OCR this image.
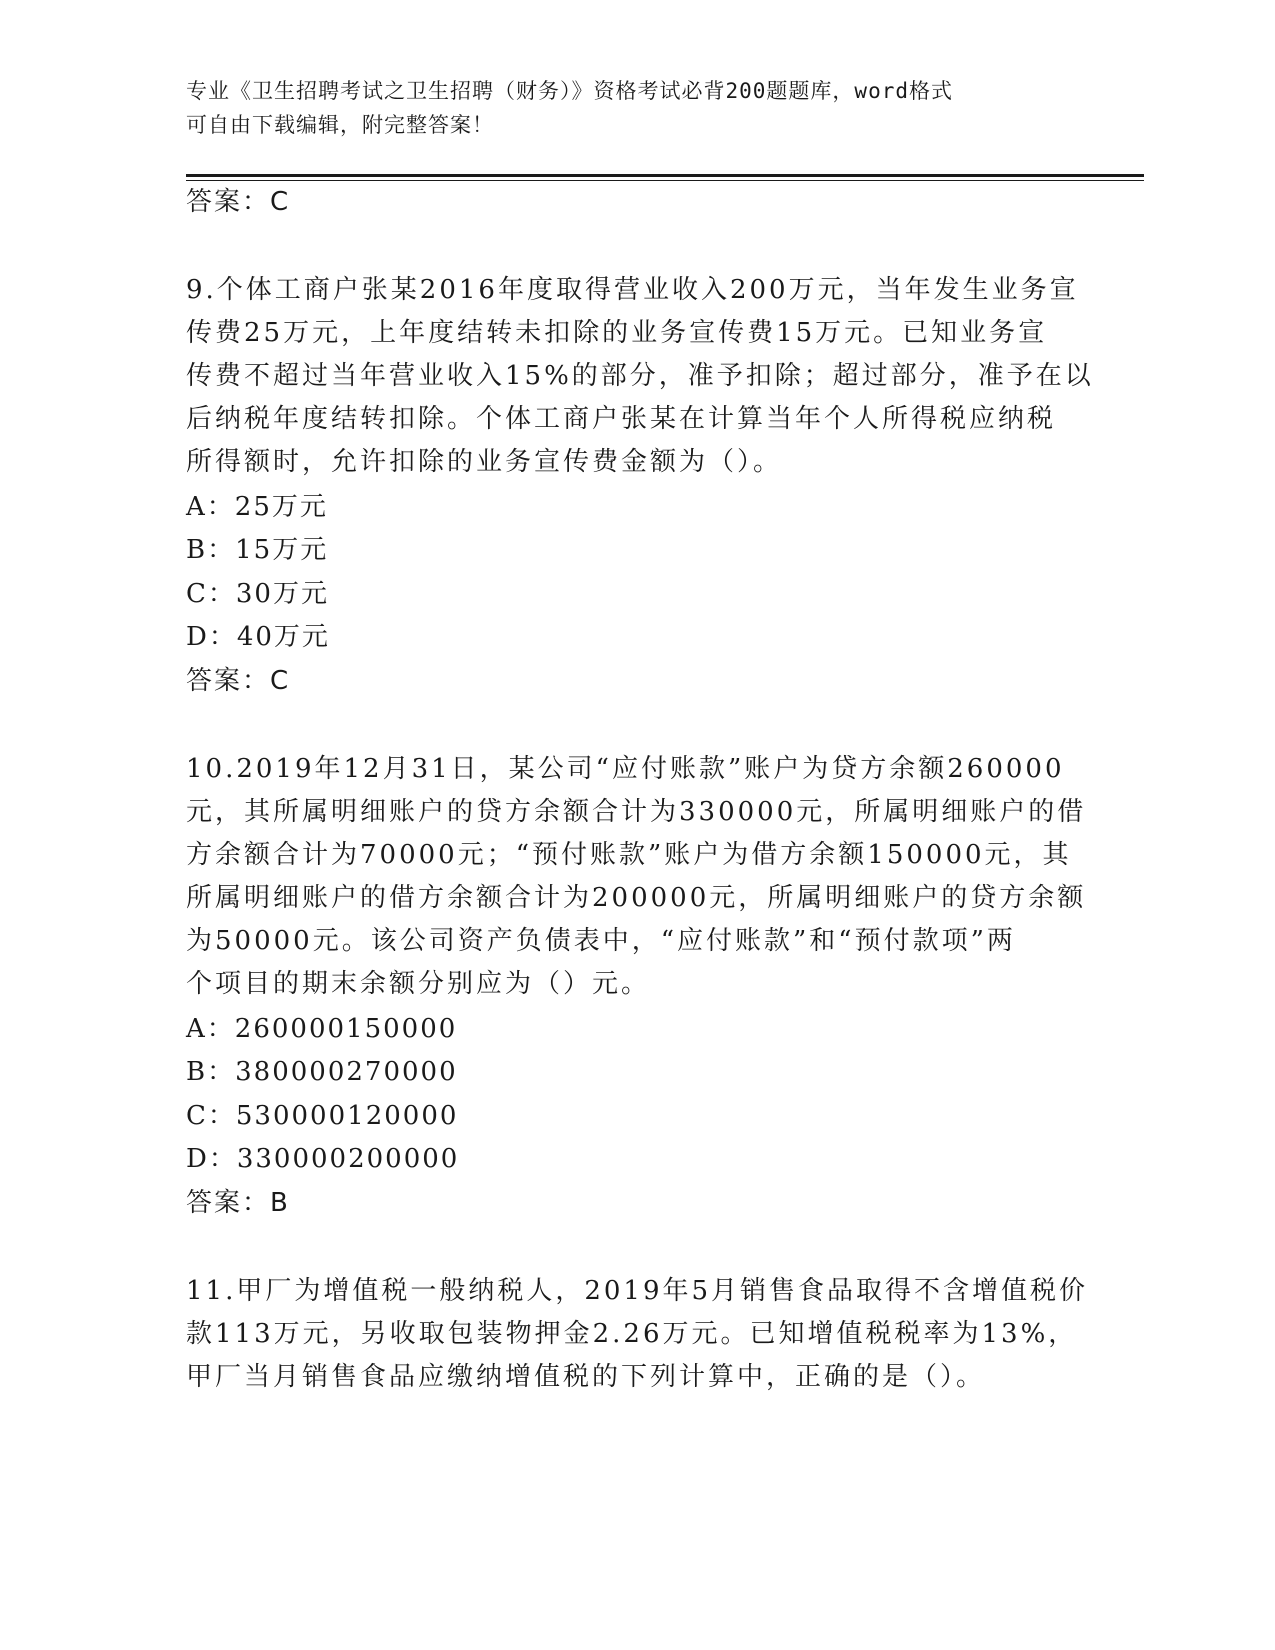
专业《卫生招聘考试之卫生招聘（财务）》资格考试必背200题题库，word格式
可自由下载编辑，附完整答案！
答案：C
9.个体工商户张某2016年度取得营业收入200万元，当年发生业务宣
传费25万元，上年度结转未扣除的业务宣传费15万元。已知业务宣
传费不超过当年营业收入15%的部分，准予扣除；超过部分，准予在以
后纳税年度结转扣除。个体工商户张某在计算当年个人所得税应纳税
所得额时，允许扣除的业务宣传费金额为（）。
A：25万元
B：15万元
C：30万元
D：40万元
答案：C
10.2019年12月31日，某公司“应付账款”账户为贷方余额260000
元，其所属明细账户的贷方余额合计为330000元，所属明细账户的借
方余额合计为70000元；“预付账款”账户为借方余额150000元，其
所属明细账户的借方余额合计为200000元，所属明细账户的贷方余额
为50000元。该公司资产负债表中，“应付账款”和“预付款项”两
个项目的期末余额分别应为（）元。
A：260000150000
B：380000270000
C：530000120000
D：330000200000
答案：B
11.甲厂为增值税一般纳税人，2019年5月销售食品取得不含增值税价
款113万元，另收取包装物押金2.26万元。已知增值税税率为13%，
甲厂当月销售食品应缴纳增值税的下列计算中，正确的是（）。
